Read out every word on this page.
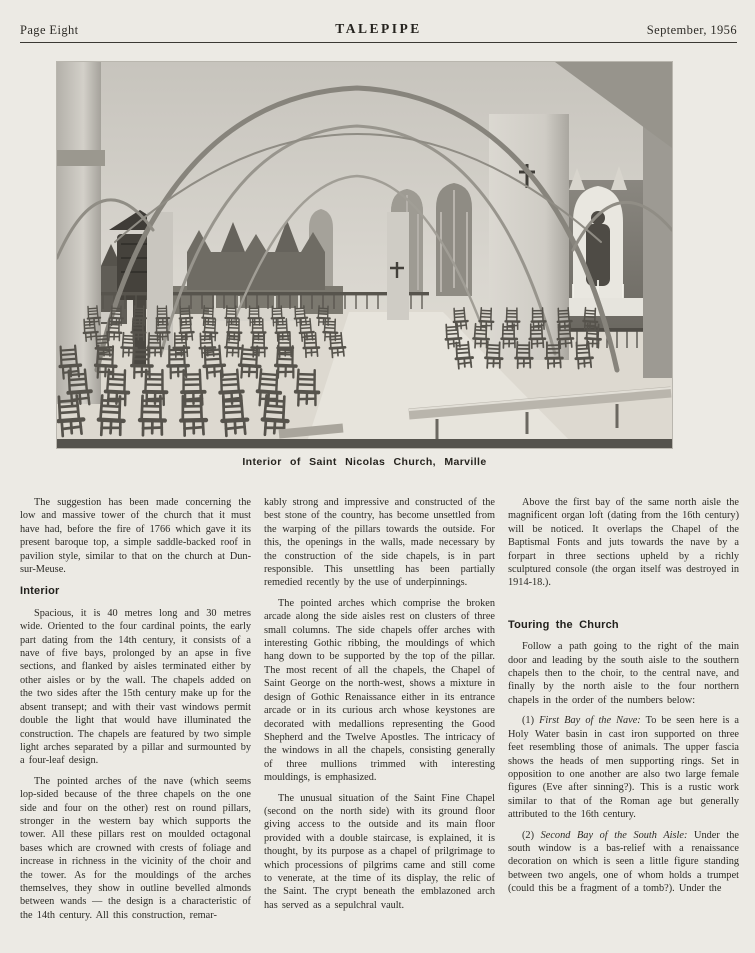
Page Eight	TALEPIPE	September, 1956
Interior of Saint Nicolas Church, Marville

The suggestion has been made concerning the low and massive tower of the church that it must have had, before the fire of 1766 which gave it its present baroque top, a simple saddle-backed roof in pavilion style, similar to that on the church at Dun-sur-Meuse.

Interior

Spacious, it is 40 metres long and 30 metres wide. Oriented to the four cardinal points, the early part dating from the 14th century, it consists of a nave of five bays, prolonged by an apse in five sections, and flanked by aisles terminated either by other aisles or by the wall. The chapels added on the two sides after the 15th century make up for the absent transept; and with their vast windows permit double the light that would have illuminated the construction. The chapels are featured by two simple light arches separated by a pillar and surmounted by a four-leaf design.

The pointed arches of the nave (which seems lop-sided because of the three chapels on the one side and four on the other) rest on round pillars, stronger in the western bay which supports the tower. All these pillars rest on moulded octagonal bases which are crowned with crests of foliage and increase in richness in the vicinity of the choir and the tower. As for the mouldings of the arches themselves, they show in outline bevelled almonds between wands — the design is a characteristic of the 14th century. All this construction, remar-

kably strong and impressive and constructed of the best stone of the country, has become unsettled from the warping of the pillars towards the outside. For this, the openings in the walls, made necessary by the construction of the side chapels, is in part responsible. This unsettling has been partially remedied recently by the use of underpinnings.

The pointed arches which comprise the broken arcade along the side aisles rest on clusters of three small columns. The side chapels offer arches with interesting Gothic ribbing, the mouldings of which hang down to be supported by the top of the pillar. The most recent of all the chapels, the Chapel of Saint George on the north-west, shows a mixture in design of Gothic Renaissance either in its entrance arcade or in its curious arch whose keystones are decorated with medallions representing the Good Shepherd and the Twelve Apostles. The intricacy of the windows in all the chapels, consisting generally of three mullions trimmed with interesting mouldings, is emphasized.

The unusual situation of the Saint Fine Chapel (second on the north side) with its ground floor giving access to the outside and its main floor provided with a double staircase, is explained, it is thought, by its purpose as a chapel of prilgrimage to which processions of pilgrims came and still come to venerate, at the time of its display, the relic of the Saint. The crypt beneath the emblazoned arch has served as a sepulchral vault.

Above the first bay of the same north aisle the magnificent organ loft (dating from the 16th century) will be noticed. It overlaps the Chapel of the Baptismal Fonts and juts towards the nave by a forpart in three sections upheld by a richly sculptured console (the organ itself was destroyed in 1914-18.).

Touring the Church

Follow a path going to the right of the main door and leading by the south aisle to the southern chapels then to the choir, to the central nave, and finally by the north aisle to the four northern chapels in the order of the numbers below:

(1) First Bay of the Nave: To be seen here is a Holy Water basin in cast iron supported on three feet resembling those of animals. The upper fascia shows the heads of men supporting rings. Set in opposition to one another are also two large female figures (Eve after sinning?). This is a rustic work similar to that of the Roman age but generally attributed to the 16th century.

(2) Second Bay of the South Aisle: Under the south window is a bas-relief with a renaissance decoration on which is seen a little figure standing between two angels, one of whom holds a trumpet (could this be a fragment of a tomb?). Under the
